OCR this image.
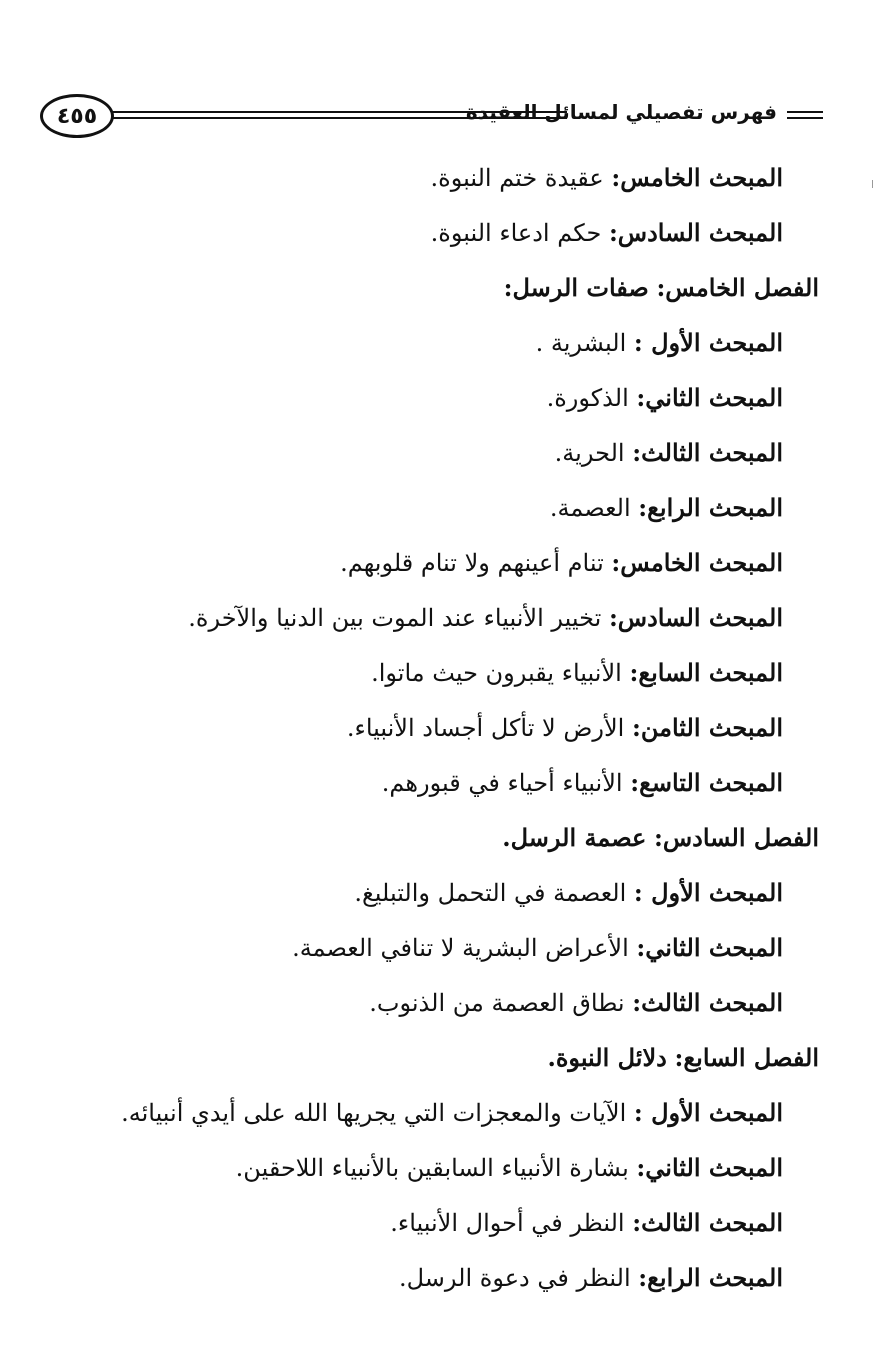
٤٥٥	فهرس تفصيلي لمسائل العقيدة
المبحث الخامس: عقيدة ختم النبوة.
المبحث السادس: حكم ادعاء النبوة.
الفصل الخامس: صفات الرسل:
المبحث الأول : البشرية .
المبحث الثاني: الذكورة.
المبحث الثالث: الحرية.
المبحث الرابع: العصمة.
المبحث الخامس: تنام أعينهم ولا تنام قلوبهم.
المبحث السادس: تخيير الأنبياء عند الموت بين الدنيا والآخرة.
المبحث السابع: الأنبياء يقبرون حيث ماتوا.
المبحث الثامن: الأرض لا تأكل أجساد الأنبياء.
المبحث التاسع: الأنبياء أحياء في قبورهم.
الفصل السادس: عصمة الرسل.
المبحث الأول : العصمة في التحمل والتبليغ.
المبحث الثاني: الأعراض البشرية لا تنافي العصمة.
المبحث الثالث: نطاق العصمة من الذنوب.
الفصل السابع: دلائل النبوة.
المبحث الأول : الآيات والمعجزات التي يجريها الله على أيدي أنبيائه.
المبحث الثاني: بشارة الأنبياء السابقين بالأنبياء اللاحقين.
المبحث الثالث: النظر في أحوال الأنبياء.
المبحث الرابع: النظر في دعوة الرسل.
